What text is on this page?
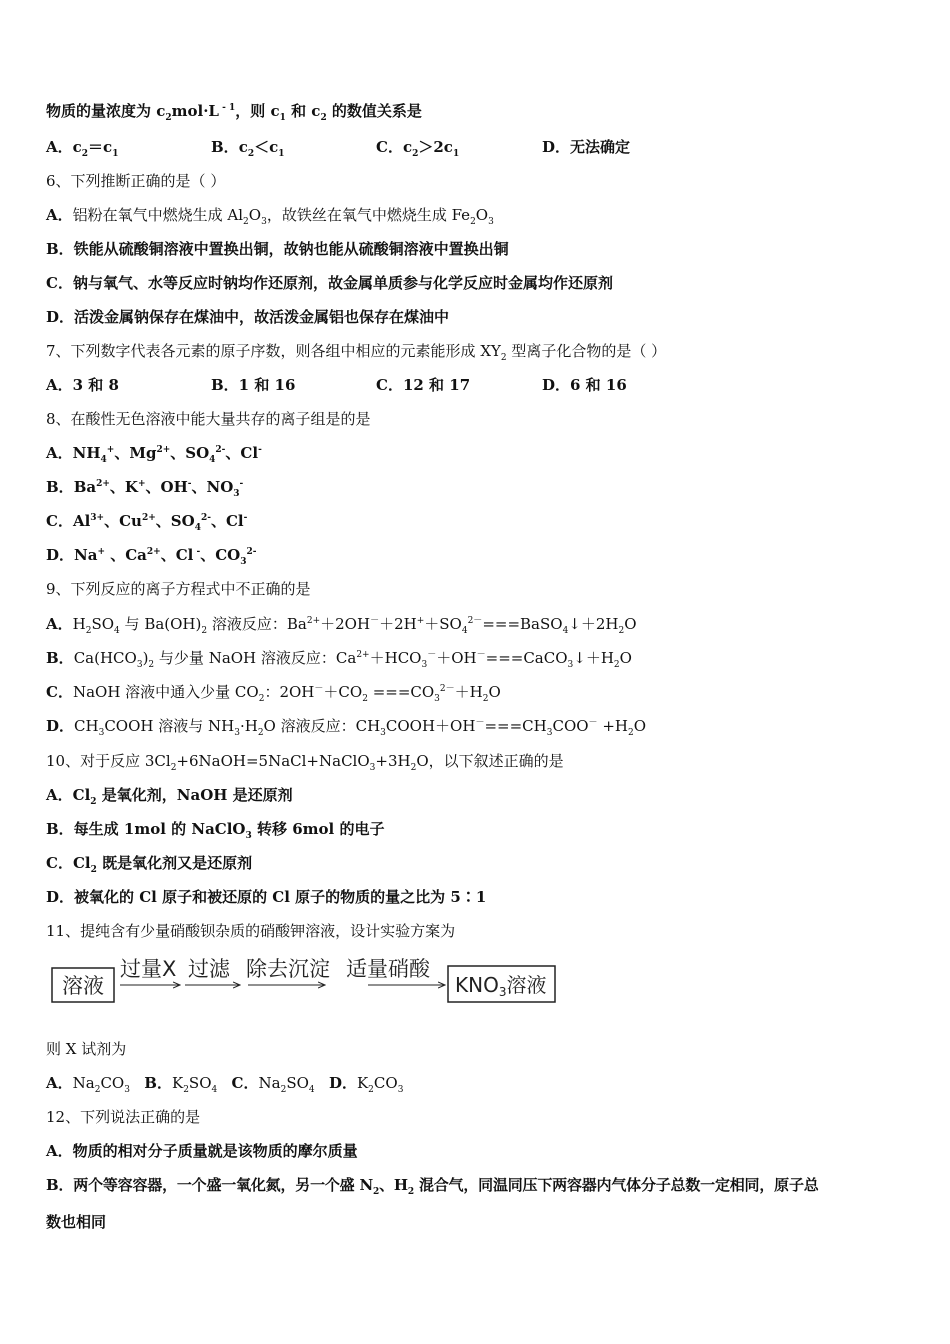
物质的量浓度为 $c_2mol\cdot L$ $^{- 1}$，则 $c_1$ 和 $c_2$ 的数值关系是
A．$c_2=c_1$	B．$c_2<c_1$	C．$c_2>2c_1$	D．无法确定
6、下列推断正确的是（ ）
A．铝粉在氧气中燃烧生成 $Al_2O_3$，故铁丝在氧气中燃烧生成 $Fe_2O_3$
B．铁能从硫酸铜溶液中置换出铜，故钠也能从硫酸铜溶液中置换出铜
C．钠与氧气、水等反应时钠均作还原剂，故金属单质参与化学反应时金属均作还原剂
D．活泼金属钠保存在煤油中，故活泼金属铝也保存在煤油中
7、下列数字代表各元素的原子序数，则各组中相应的元素能形成 $XY_2$ 型离子化合物的是（ ）
A．3 和 8	B．1 和 16	C．12 和 17	D．6 和 16
8、在酸性无色溶液中能大量共存的离子组是的是
A．$NH_4^+$、$Mg^{2+}$、$SO_4^{2-}$、Cl-
B．$Ba^{2+}$、K+、OH-、$NO_3^-$
C．$Al^{3+}$、$Cu^{2+}$、$SO_4^{2-}$、Cl-
D．Na+ 、$Ca^{2+}$、Cl -、$CO_3^{2-}$
9、下列反应的离子方程式中不正确的是
A．$H_2SO_4$ 与 $Ba(OH)_2$ 溶液反应：$Ba^{2+}+2OH^-+2H^++SO_4^{2-}===BaSO_4↓+2H_2O$
B．$Ca(HCO_3)_2$ 与少量 NaOH 溶液反应：$Ca^{2+}+HCO_3^-+OH^-===CaCO_3↓+H_2O$
C．NaOH 溶液中通入少量 $CO_2$：$2OH^-+CO_2 ===CO_3^{2-}+H_2O$
D．$CH_3COOH$ 溶液与 $NH_3\cdot H_2O$ 溶液反应：$CH_3COOH+OH^-===CH_3COO^- +H_2O$
10、对于反应 $3Cl_2+6NaOH=5NaCl+NaClO_3+3H_2O$，以下叙述正确的是
A．$Cl_2$ 是氧化剂，NaOH 是还原剂
B．每生成 1mol 的 NaClO$_3$ 转移 6mol 的电子
C．$Cl_2$ 既是氧化剂又是还原剂
D．被氧化的 Cl 原子和被还原的 Cl 原子的物质的量之比为 5∶1
11、提纯含有少量硝酸钡杂质的硝酸钾溶液，设计实验方案为
溶液
过量X 过滤 除去沉淀 适量硝酸
$KNO_3$溶液
则 X 试剂为
A．$Na_2CO_3$ B．$K_2SO_4$ C．$Na_2SO_4$ D．$K_2CO_3$
12、下列说法正确的是
A．物质的相对分子质量就是该物质的摩尔质量
B．两个等容容器，一个盛一氧化氮，另一个盛 $N_2$、$H_2$ 混合气，同温同压下两容器内气体分子总数一定相同，原子总
数也相同
